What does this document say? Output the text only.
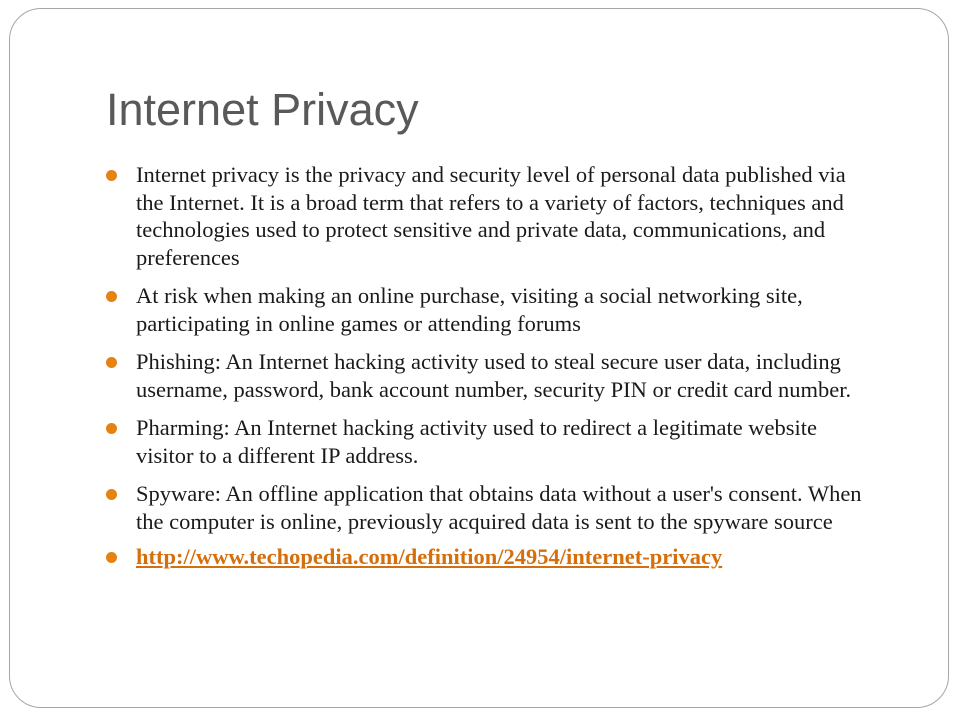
Internet Privacy
Internet privacy is the privacy and security level of personal data published via the Internet. It is a broad term that refers to a variety of factors, techniques and technologies used to protect sensitive and private data, communications, and preferences
At risk when making an online purchase, visiting a social networking site, participating in online games or attending forums
Phishing: An Internet hacking activity used to steal secure user data, including username, password, bank account number, security PIN or credit card number.
Pharming: An Internet hacking activity used to redirect a legitimate website visitor to a different IP address.
Spyware: An offline application that obtains data without a user's consent. When the computer is online, previously acquired data is sent to the spyware source
http://www.techopedia.com/definition/24954/internet-privacy
